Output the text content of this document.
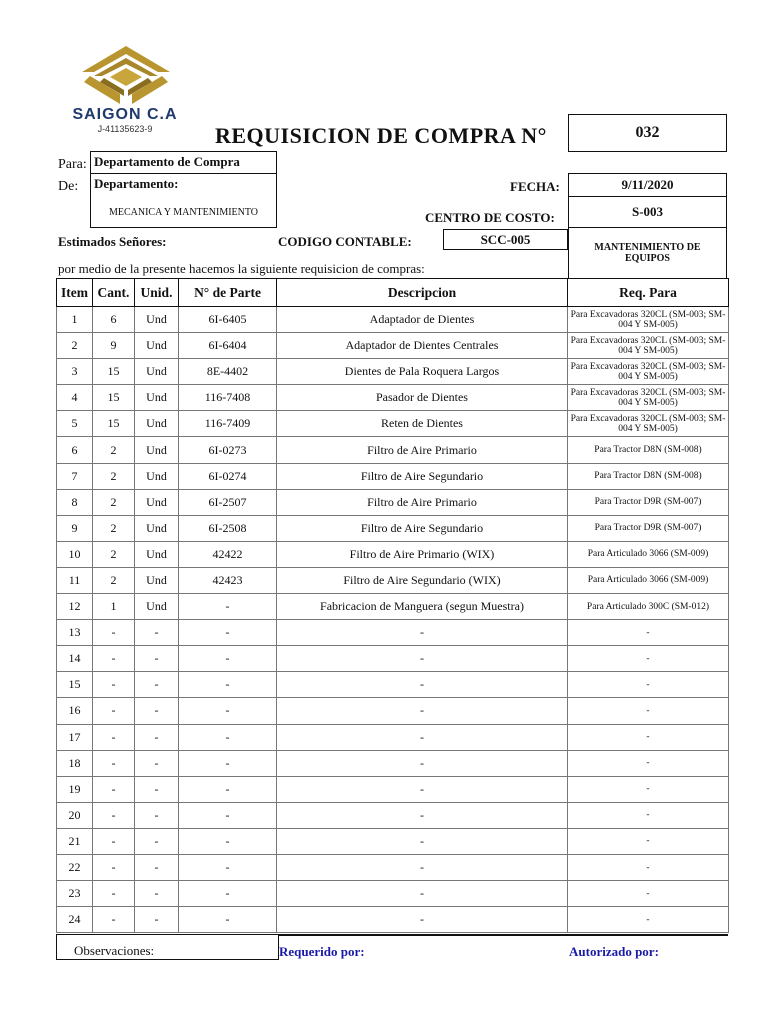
SAIGON C.A
J-41135623-9	REQUISICION DE COMPRA N°	032
Para: Departamento de Compra
De: Departamento:
MECANICA Y MANTENIMIENTO
FECHA:	9/11/2020
CENTRO DE COSTO:	S-003
MANTENIMIENTO DE EQUIPOS
Estimados Señores:	CODIGO CONTABLE:	SCC-005
por medio de la presente hacemos la siguiente requisicion de compras:
Item	Cant.	Unid.	N° de Parte	Descripcion	Req. Para
1	6	Und	6I-6405	Adaptador de Dientes	Para Excavadoras 320CL (SM-003; SM-004 Y SM-005)
2	9	Und	6I-6404	Adaptador de Dientes Centrales	Para Excavadoras 320CL (SM-003; SM-004 Y SM-005)
3	15	Und	8E-4402	Dientes de Pala Roquera Largos	Para Excavadoras 320CL (SM-003; SM-004 Y SM-005)
4	15	Und	116-7408	Pasador de Dientes	Para Excavadoras 320CL (SM-003; SM-004 Y SM-005)
5	15	Und	116-7409	Reten de Dientes	Para Excavadoras 320CL (SM-003; SM-004 Y SM-005)
6	2	Und	6I-0273	Filtro de Aire Primario	Para Tractor D8N (SM-008)
7	2	Und	6I-0274	Filtro de Aire Segundario	Para Tractor D8N (SM-008)
8	2	Und	6I-2507	Filtro de Aire Primario	Para Tractor D9R (SM-007)
9	2	Und	6I-2508	Filtro de Aire Segundario	Para Tractor D9R (SM-007)
10	2	Und	42422	Filtro de Aire Primario (WIX)	Para Articulado 3066 (SM-009)
11	2	Und	42423	Filtro de Aire Segundario (WIX)	Para Articulado 3066 (SM-009)
12	1	Und	-	Fabricacion de Manguera (segun Muestra)	Para Articulado 300C (SM-012)
13	-	-	-	-	-
14	-	-	-	-	-
15	-	-	-	-	-
16	-	-	-	-	-
17	-	-	-	-	-
18	-	-	-	-	-
19	-	-	-	-	-
20	-	-	-	-	-
21	-	-	-	-	-
22	-	-	-	-	-
23	-	-	-	-	-
24	-	-	-	-	-
Observaciones:	Requerido por:	Autorizado por:
